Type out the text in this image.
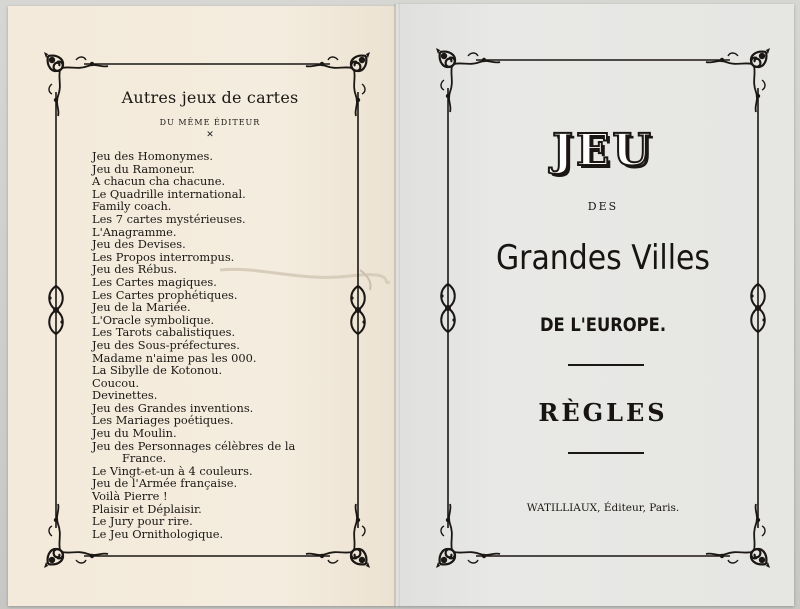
Autres jeux de cartes
DU MÊME ÉDITEUR
✕
Jeu des Homonymes.
Jeu du Ramoneur.
A chacun cha chacune.
Le Quadrille international.
Family coach.
Les 7 cartes mystérieuses.
L'Anagramme.
Jeu des Devises.
Les Propos interrompus.
Jeu des Rébus.
Les Cartes magiques.
Les Cartes prophétiques.
Jeu de la Mariée.
L'Oracle symbolique.
Les Tarots cabalistiques.
Jeu des Sous-préfectures.
Madame n'aime pas les 000.
La Sibylle de Kotonou.
Coucou.
Devinettes.
Jeu des Grandes inventions.
Les Mariages poétiques.
Jeu du Moulin.
Jeu des Personnages célèbres de la
France.
Le Vingt-et-un à 4 couleurs.
Jeu de l'Armée française.
Voilà Pierre !
Plaisir et Déplaisir.
Le Jury pour rire.
Le Jeu Ornithologique.
JEU
DES
Grandes Villes
DE L'EUROPE.
RÈGLES
WATILLIAUX, Éditeur, Paris.
